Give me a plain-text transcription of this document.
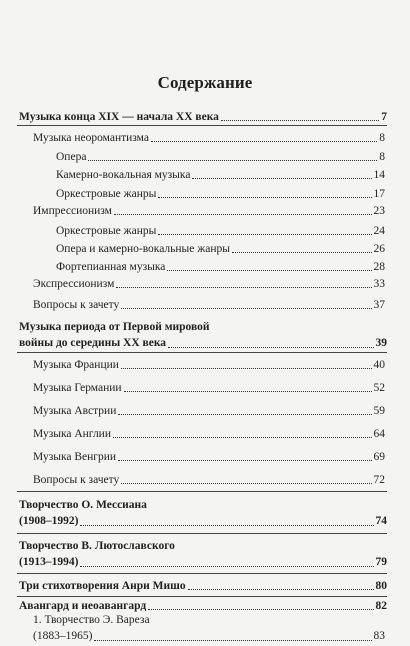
Содержание
Музыка конца XIX — начала XX века	7
Музыка неоромантизма	8
Опера	8
Камерно-вокальная музыка	14
Оркестровые жанры	17
Импрессионизм	23
Оркестровые жанры	24
Опера и камерно-вокальные жанры	26
Фортепианная музыка	28
Экспрессионизм	33
Вопросы к зачету	37
Музыка периода от Первой мировой
войны до середины XX века	39
Музыка Франции	40
Музыка Германии	52
Музыка Австрии	59
Музыка Англии	64
Музыка Венгрии	69
Вопросы к зачету	72
Творчество О. Мессиана
(1908–1992)	74
Творчество В. Лютославского
(1913–1994)	79
Три стихотворения Анри Мишо	80
Авангард и неоавангард	82
1. Творчество Э. Вареза
(1883–1965)	83
